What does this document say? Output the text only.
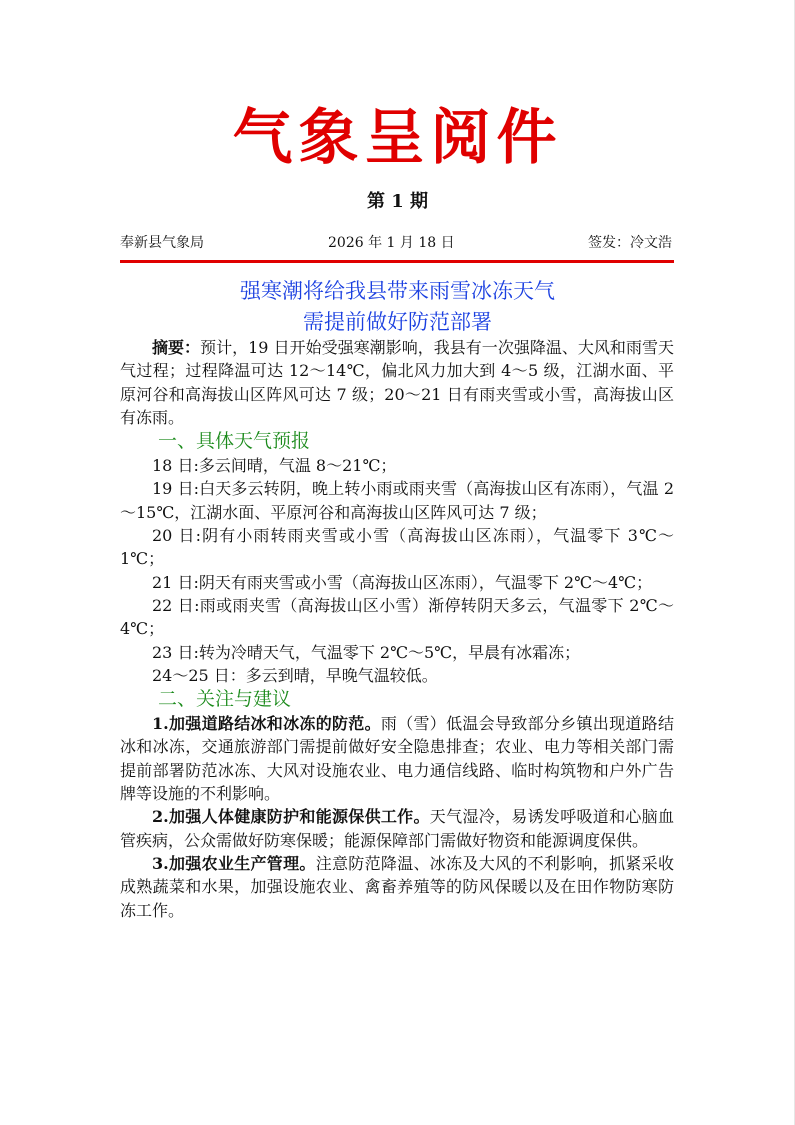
气象呈阅件
第 1 期
奉新县气象局	2026 年 1 月 18 日	签发：冷文浩
强寒潮将给我县带来雨雪冰冻天气
需提前做好防范部署

摘要：预计，19 日开始受强寒潮影响，我县有一次强降温、大风和雨雪天气过程；过程降温可达 12～14℃，偏北风力加大到 4～5 级，江湖水面、平原河谷和高海拔山区阵风可达 7 级；20～21 日有雨夹雪或小雪，高海拔山区有冻雨。

一、具体天气预报

18 日:多云间晴，气温 8～21℃；

19 日:白天多云转阴，晚上转小雨或雨夹雪（高海拔山区有冻雨），气温 2～15℃，江湖水面、平原河谷和高海拔山区阵风可达 7 级；

20 日:阴有小雨转雨夹雪或小雪（高海拔山区冻雨），气温零下 3℃～1℃；

21 日:阴天有雨夹雪或小雪（高海拔山区冻雨），气温零下 2℃～4℃；

22 日:雨或雨夹雪（高海拔山区小雪）渐停转阴天多云，气温零下 2℃～4℃；

23 日:转为冷晴天气，气温零下 2℃～5℃，早晨有冰霜冻；

24～25 日：多云到晴，早晚气温较低。

二、关注与建议

1.加强道路结冰和冰冻的防范。雨（雪）低温会导致部分乡镇出现道路结冰和冰冻，交通旅游部门需提前做好安全隐患排查；农业、电力等相关部门需提前部署防范冰冻、大风对设施农业、电力通信线路、临时构筑物和户外广告牌等设施的不利影响。

2.加强人体健康防护和能源保供工作。天气湿冷，易诱发呼吸道和心脑血管疾病，公众需做好防寒保暖；能源保障部门需做好物资和能源调度保供。

3.加强农业生产管理。注意防范降温、冰冻及大风的不利影响，抓紧采收成熟蔬菜和水果，加强设施农业、禽畜养殖等的防风保暖以及在田作物防寒防冻工作。
